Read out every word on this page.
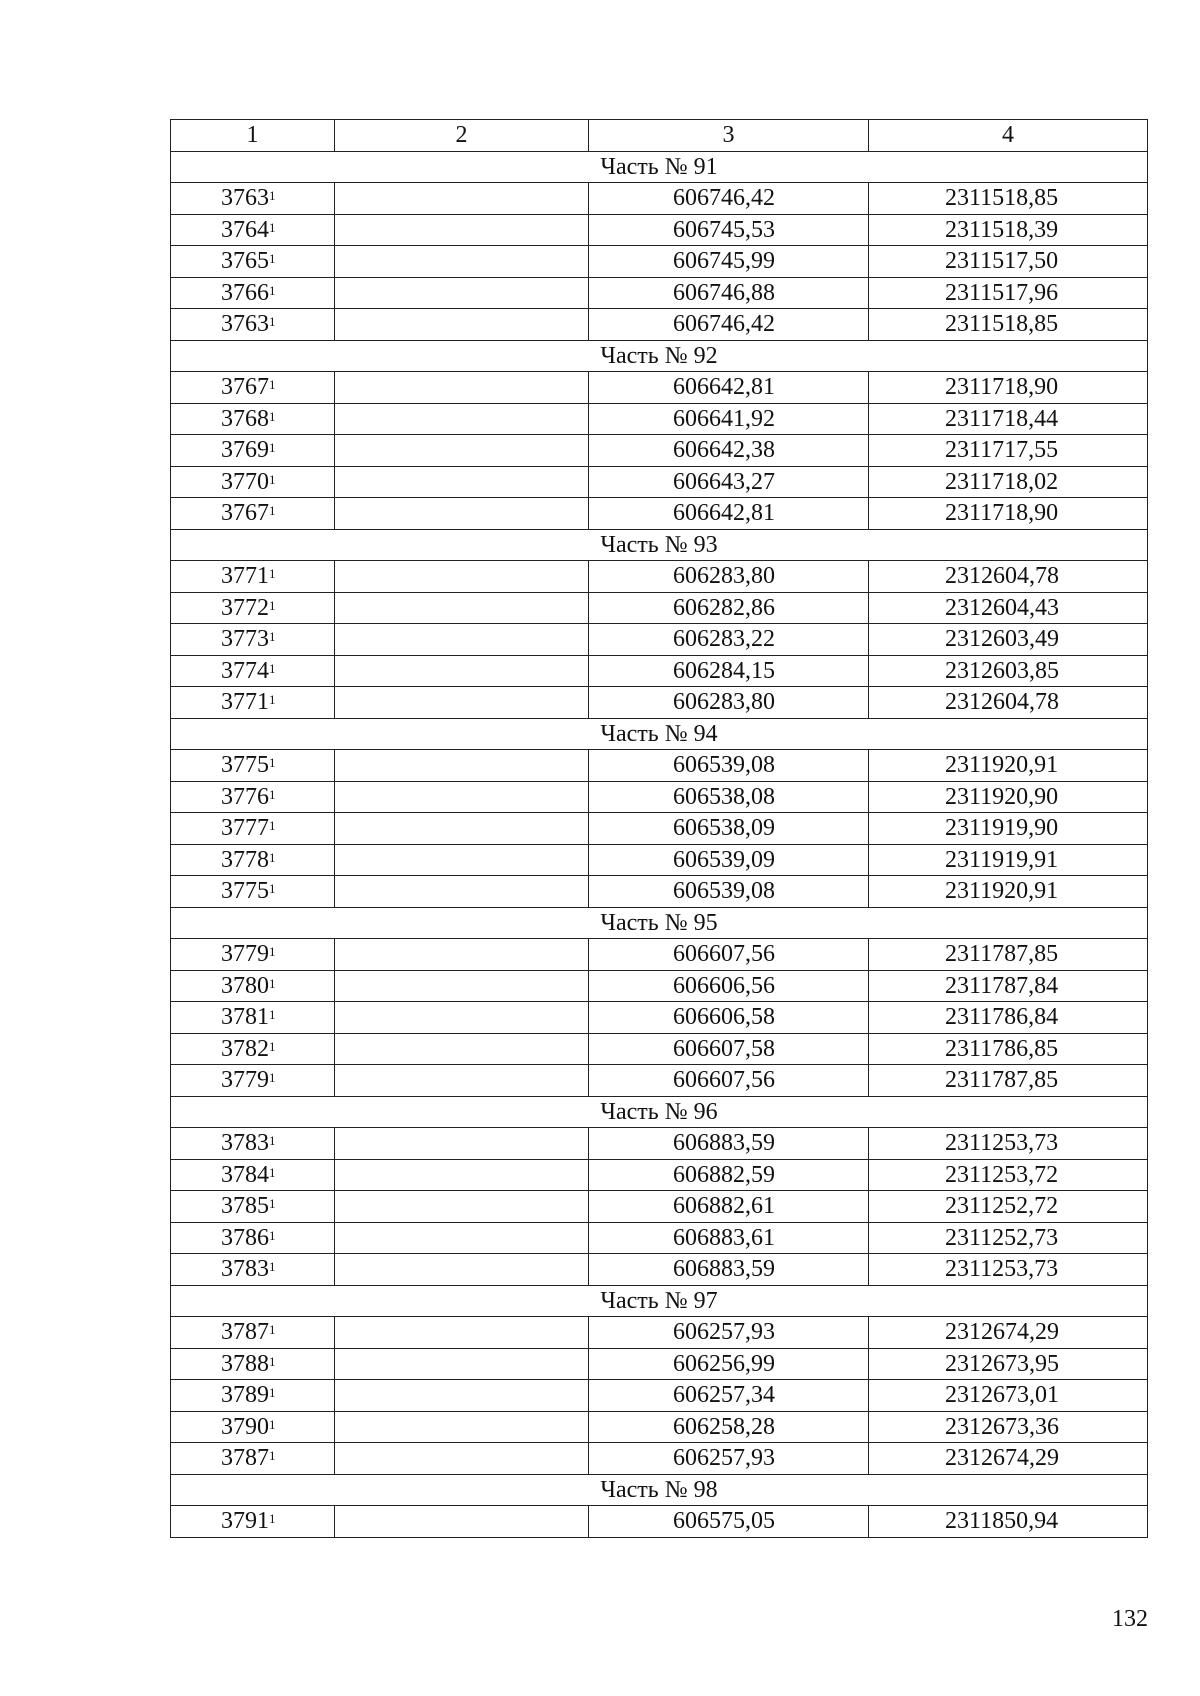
1	2	3	4
Часть № 91			
3763$^1$		606746,42	2311518,85
3764$^1$		606745,53	2311518,39
3765$^1$		606745,99	2311517,50
3766$^1$		606746,88	2311517,96
3763$^1$		606746,42	2311518,85
Часть № 92			
3767$^1$		606642,81	2311718,90
3768$^1$		606641,92	2311718,44
3769$^1$		606642,38	2311717,55
3770$^1$		606643,27	2311718,02
3767$^1$		606642,81	2311718,90
Часть № 93			
3771$^1$		606283,80	2312604,78
3772$^1$		606282,86	2312604,43
3773$^1$		606283,22	2312603,49
3774$^1$		606284,15	2312603,85
3771$^1$		606283,80	2312604,78
Часть № 94			
3775$^1$		606539,08	2311920,91
3776$^1$		606538,08	2311920,90
3777$^1$		606538,09	2311919,90
3778$^1$		606539,09	2311919,91
3775$^1$		606539,08	2311920,91
Часть № 95			
3779$^1$		606607,56	2311787,85
3780$^1$		606606,56	2311787,84
3781$^1$		606606,58	2311786,84
3782$^1$		606607,58	2311786,85
3779$^1$		606607,56	2311787,85
Часть № 96			
3783$^1$		606883,59	2311253,73
3784$^1$		606882,59	2311253,72
3785$^1$		606882,61	2311252,72
3786$^1$		606883,61	2311252,73
3783$^1$		606883,59	2311253,73
Часть № 97			
3787$^1$		606257,93	2312674,29
3788$^1$		606256,99	2312673,95
3789$^1$		606257,34	2312673,01
3790$^1$		606258,28	2312673,36
3787$^1$		606257,93	2312674,29
Часть № 98			
3791$^1$		606575,05	2311850,94
132
